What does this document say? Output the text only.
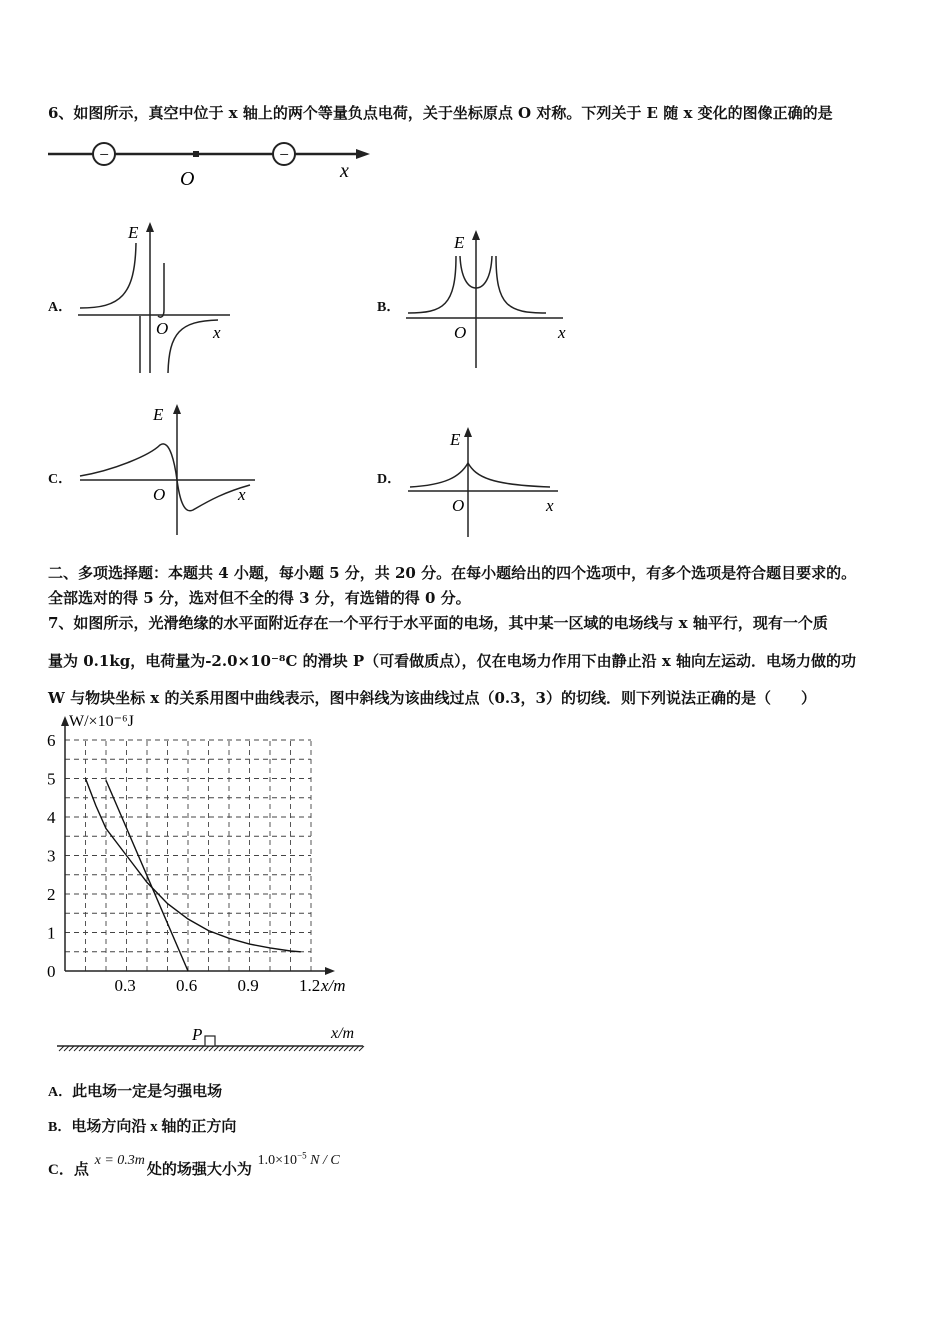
6、如图所示，真空中位于 x 轴上的两个等量负点电荷，关于坐标原点 O 对称。下列关于 E 随 x 变化的图像正确的是
−	−
O	x
A．
E
O	x
B．
E
O	x
C．
E
O	x
D．
E
O	x
二、多项选择题：本题共 4 小题，每小题 5 分，共 20 分。在每小题给出的四个选项中，有多个选项是符合题目要求的。
全部选对的得 5 分，选对但不全的得 3 分，有选错的得 0 分。
7、如图所示，光滑绝缘的水平面附近存在一个平行于水平面的电场，其中某一区域的电场线与 x 轴平行，现有一个质
量为 0.1kg，电荷量为-2.0×10⁻⁸C 的滑块 P（可看做质点），仅在电场力作用下由静止沿 x 轴向左运动．电场力做的功
W 与物块坐标 x 的关系用图中曲线表示，图中斜线为该曲线过点（0.3，3）的切线．则下列说法正确的是（　　）
0
1
2
3
4
5
6
0.3 0.6 0.9 1.2 x/m
W/×10⁻⁶J
P	x/m
A．此电场一定是匀强电场
B．电场方向沿 x 轴的正方向
C．点 x = 0.3m处的场强大小为 $1.0\times 10^{-5}$ N / C
